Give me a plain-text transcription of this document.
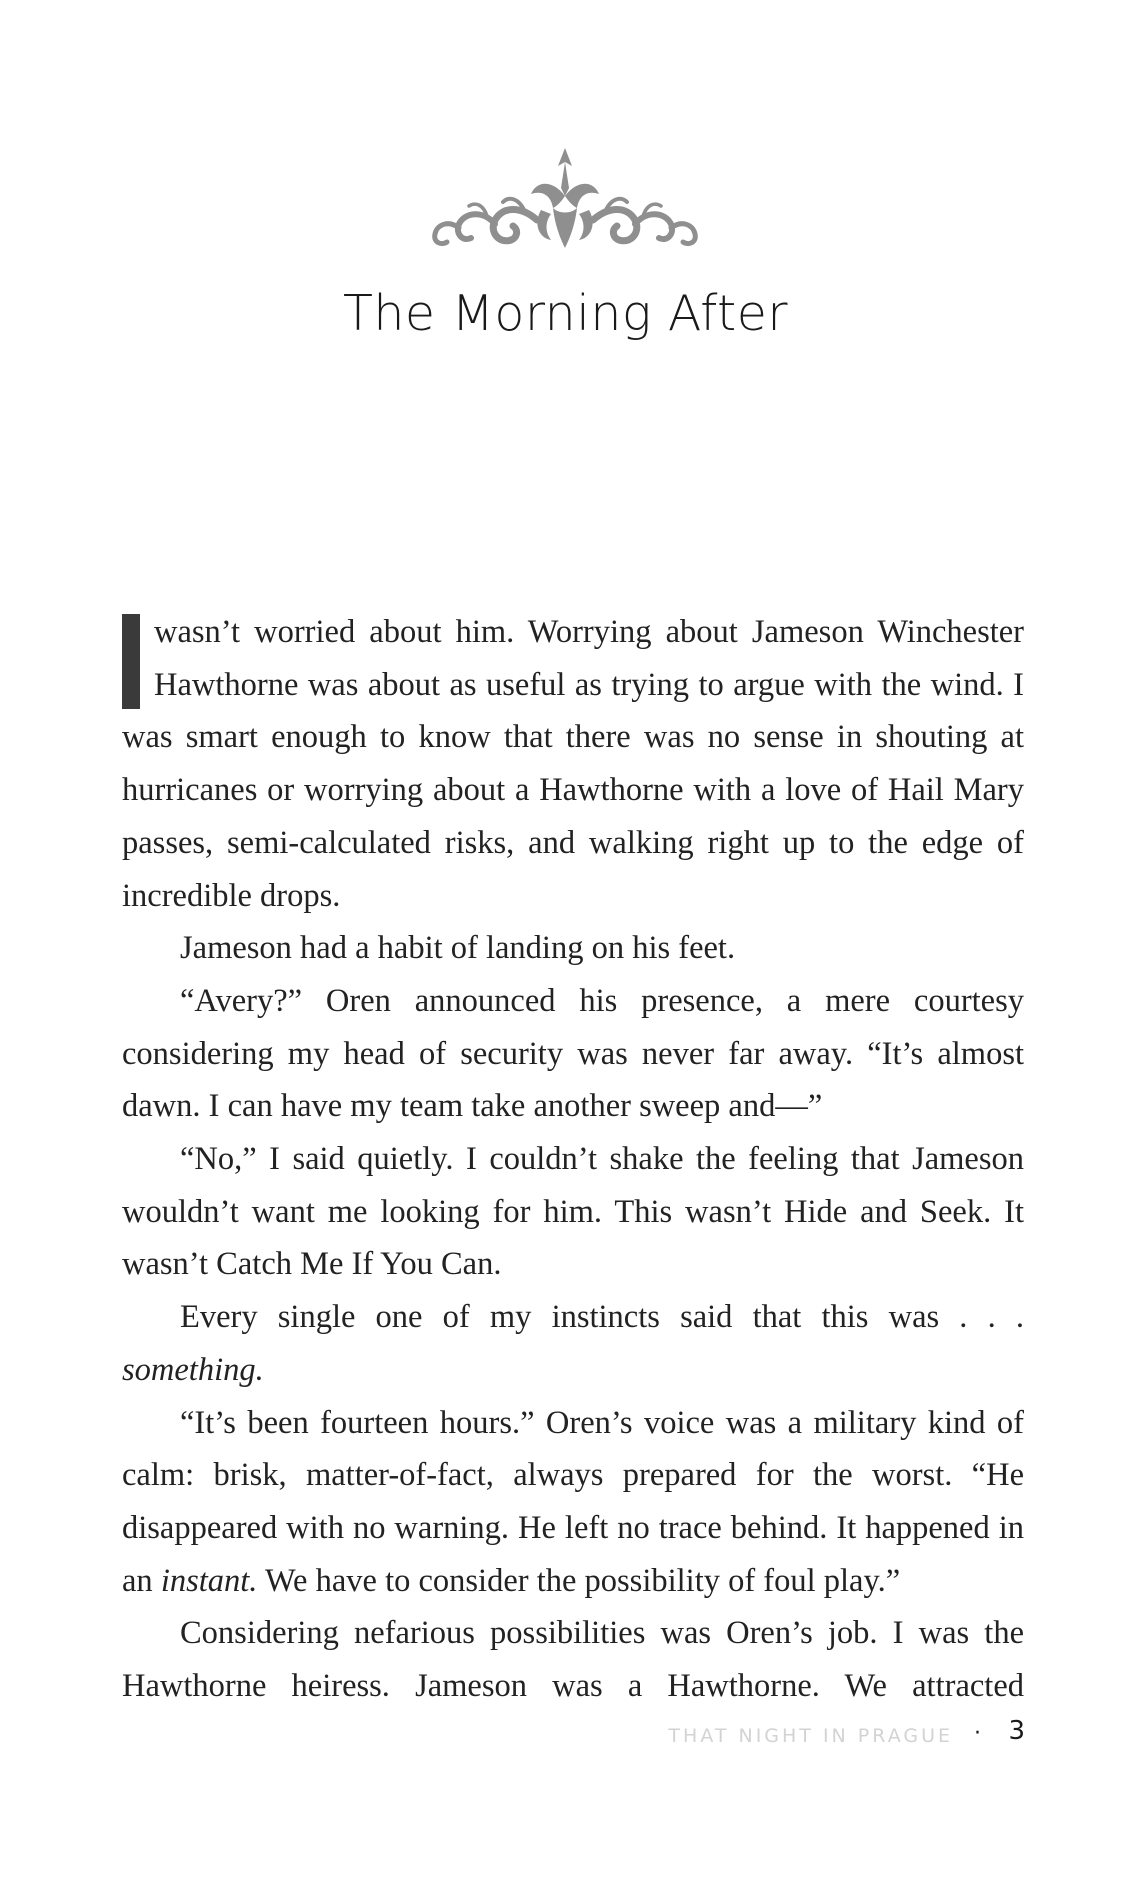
The Morning After

wasn’t worried about him. Worrying about Jameson Winchester Hawthorne was about as useful as trying to argue with the wind. I was smart enough to know that there was no sense in shouting at hurricanes or worrying about a Hawthorne with a love of Hail Mary passes, semi-calculated risks, and walking right up to the edge of incredible drops.

Jameson had a habit of landing on his feet.

“Avery?” Oren announced his presence, a mere courtesy considering my head of security was never far away. “It’s almost dawn. I can have my team take another sweep and—”

“No,” I said quietly. I couldn’t shake the feeling that Jameson wouldn’t want me looking for him. This wasn’t Hide and Seek. It wasn’t Catch Me If You Can.

Every single one of my instincts said that this was . . . something.

“It’s been fourteen hours.” Oren’s voice was a military kind of calm: brisk, matter-of-fact, always prepared for the worst. “He disappeared with no warning. He left no trace behind. It happened in an instant. We have to consider the possibility of foul play.”

Considering nefarious possibilities was Oren’s job. I was the Hawthorne heiress. Jameson was a Hawthorne. We attracted

THAT NIGHT IN PRAGUE · 3
